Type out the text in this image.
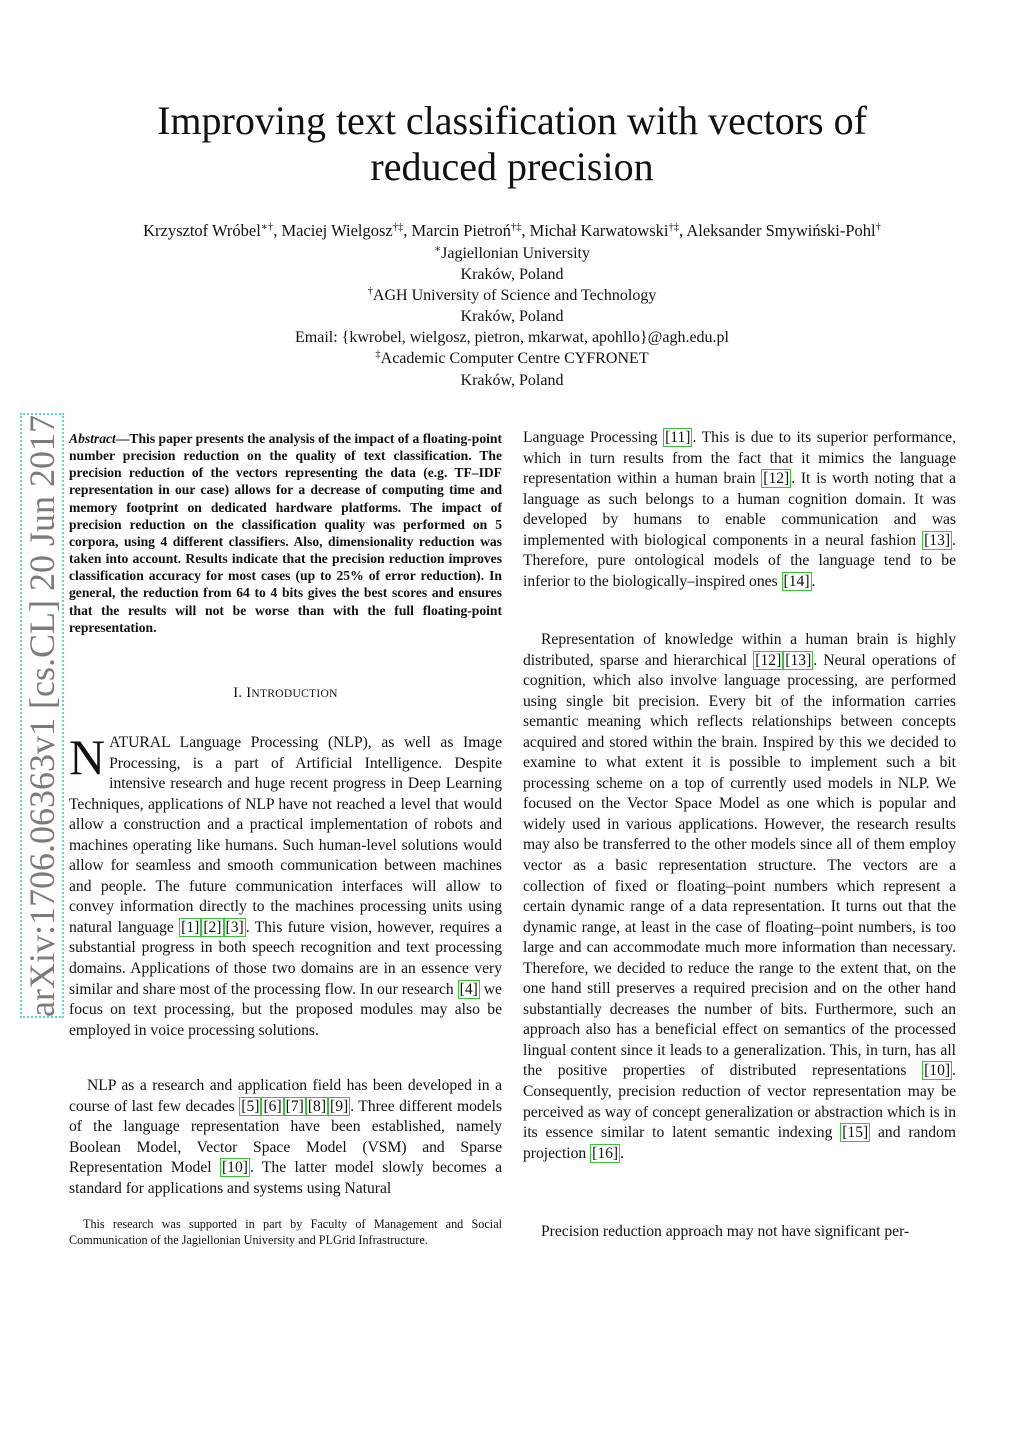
Improving text classification with vectors of reduced precision
Krzysztof Wróbel∗†, Maciej Wielgosz†‡, Marcin Pietroń†‡, Michał Karwatowski†‡, Aleksander Smywiński-Pohl†
∗Jagiellonian University
Kraków, Poland
†AGH University of Science and Technology
Kraków, Poland
Email: {kwrobel, wielgosz, pietron, mkarwat, apohllo}@agh.edu.pl
‡Academic Computer Centre CYFRONET
Kraków, Poland
arXiv:1706.06363v1 [cs.CL] 20 Jun 2017 Abstract—This paper presents the analysis of the impact of a floating-point number precision reduction on the quality of text classification. The precision reduction of the vectors representing the data (e.g. TF–IDF representation in our case) allows for a decrease of computing time and memory footprint on dedicated hardware platforms. The impact of precision reduction on the classification quality was performed on 5 corpora, using 4 different classifiers. Also, dimensionality reduction was taken into account. Results indicate that the precision reduction improves classification accuracy for most cases (up to 25% of error reduction). In general, the reduction from 64 to 4 bits gives the best scores and ensures that the results will not be worse than with the full floating-point representation.
I. INTRODUCTION

NATURAL Language Processing (NLP), as well as Image Processing, is a part of Artificial Intelligence. Despite intensive research and huge recent progress in Deep Learning Techniques, applications of NLP have not reached a level that would allow a construction and a practical implementation of robots and machines operating like humans. Such human-level solutions would allow for seamless and smooth communication between machines and people. The future communication interfaces will allow to convey information directly to the machines processing units using natural language [1] [2] [3] . This future vision, however, requires a substantial progress in both speech recognition and text processing domains. Applications of those two domains are in an essence very similar and share most of the processing flow. In our research [4] we focus on text processing, but the proposed modules may also be employed in voice processing solutions.

NLP as a research and application field has been developed in a course of last few decades [5] [6] [7] [8] [9] . Three different models of the language representation have been established, namely Boolean Model, Vector Space Model (VSM) and Sparse Representation Model [10] . The latter model slowly becomes a standard for applications and systems using Natural

This research was supported in part by Faculty of Management and Social Communication of the Jagiellonian University and PLGrid Infrastructure.

Language Processing [11] . This is due to its superior performance, which in turn results from the fact that it mimics the language representation within a human brain [12] . It is worth noting that a language as such belongs to a human cognition domain. It was developed by humans to enable communication and was implemented with biological components in a neural fashion [13] . Therefore, pure ontological models of the language tend to be inferior to the biologically–inspired ones [14] .

Representation of knowledge within a human brain is highly distributed, sparse and hierarchical [12] [13] . Neural operations of cognition, which also involve language processing, are performed using single bit precision. Every bit of the information carries semantic meaning which reflects relationships between concepts acquired and stored within the brain. Inspired by this we decided to examine to what extent it is possible to implement such a bit processing scheme on a top of currently used models in NLP. We focused on the Vector Space Model as one which is popular and widely used in various applications. However, the research results may also be transferred to the other models since all of them employ vector as a basic representation structure. The vectors are a collection of fixed or floating–point numbers which represent a certain dynamic range of a data representation. It turns out that the dynamic range, at least in the case of floating–point numbers, is too large and can accommodate much more information than necessary. Therefore, we decided to reduce the range to the extent that, on the one hand still preserves a required precision and on the other hand substantially decreases the number of bits. Furthermore, such an approach also has a beneficial effect on semantics of the processed lingual content since it leads to a generalization. This, in turn, has all the positive properties of distributed representations [10] . Consequently, precision reduction of vector representation may be perceived as way of concept generalization or abstraction which is in its essence similar to latent semantic indexing [15] and random projection [16] .

Precision reduction approach may not have significant per-
